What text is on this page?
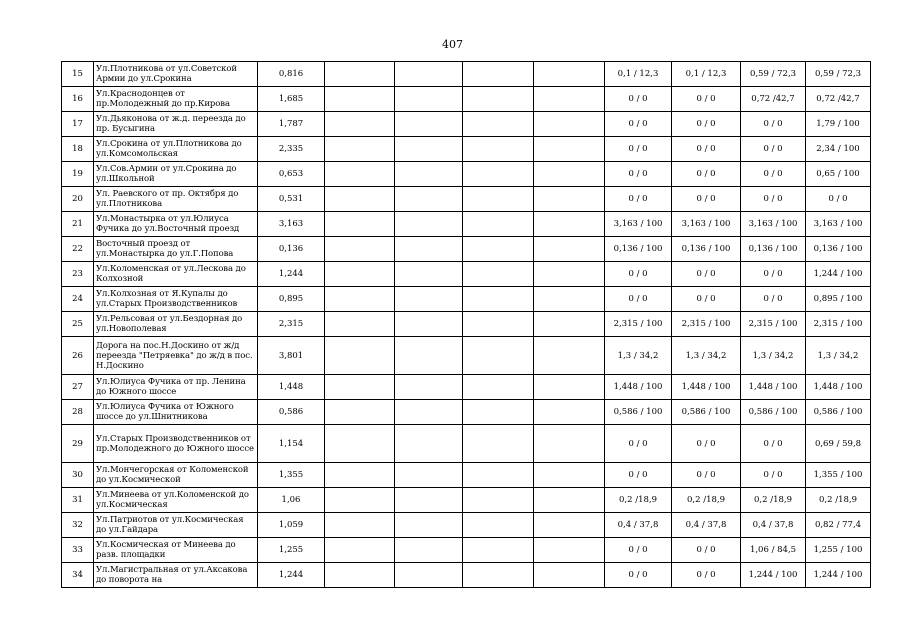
407
15	Ул.Плотникова от ул.Советской Армии до ул.Срокина	0,816					0,1 / 12,3	0,1 / 12,3	0,59 / 72,3	0,59 / 72,3
16	Ул.Краснодонцев от пр.Молодежный до пр.Кирова	1,685					0 / 0	0 / 0	0,72 /42,7	0,72 /42,7
17	Ул.Дьяконова от ж.д. переезда до пр. Бусыгина	1,787					0 / 0	0 / 0	0 / 0	1,79 / 100
18	Ул.Срокина от ул.Плотникова до ул.Комсомольская	2,335					0 / 0	0 / 0	0 / 0	2,34 / 100
19	Ул.Сов.Армии от ул.Срокина до ул.Школьной	0,653					0 / 0	0 / 0	0 / 0	0,65 / 100
20	Ул. Раевского от пр. Октября до ул.Плотникова	0,531					0 / 0	0 / 0	0 / 0	0 / 0
21	Ул.Монастырка от ул.Юлиуса Фучика до ул.Восточный проезд	3,163					3,163 / 100	3,163 / 100	3,163 / 100	3,163 / 100
22	Восточный проезд от ул.Монастырка до ул.Г.Попова	0,136					0,136 / 100	0,136 / 100	0,136 / 100	0,136 / 100
23	Ул.Коломенская от ул.Лескова до Колхозной	1,244					0 / 0	0 / 0	0 / 0	1,244 / 100
24	Ул.Колхозная от Я.Купалы до ул.Старых Производственников	0,895					0 / 0	0 / 0	0 / 0	0,895 / 100
25	Ул.Рельсовая от ул.Бездорная до ул.Новополевая	2,315					2,315 / 100	2,315 / 100	2,315 / 100	2,315 / 100
26	Дорога на пос.Н.Доскино от ж/д переезда "Петряевка" до ж/д в пос. Н.Доскино	3,801					1,3 / 34,2	1,3 / 34,2	1,3 / 34,2	1,3 / 34,2
27	Ул.Юлиуса Фучика от пр. Ленина до Южного шоссе	1,448					1,448 / 100	1,448 / 100	1,448 / 100	1,448 / 100
28	Ул.Юлиуса Фучика от Южного шоссе до ул.Шнитникова	0,586					0,586 / 100	0,586 / 100	0,586 / 100	0,586 / 100
29	Ул.Старых Производственников от пр.Молодежного до Южного шоссе	1,154					0 / 0	0 / 0	0 / 0	0,69 / 59,8
30	Ул.Мончегорская от Коломенской до ул.Космической	1,355					0 / 0	0 / 0	0 / 0	1,355 / 100
31	Ул.Минеева от ул.Коломенской до ул.Космическая	1,06					0,2 /18,9	0,2 /18,9	0,2 /18,9	0,2 /18,9
32	Ул.Патриотов от ул.Космическая до ул.Гайдара	1,059					0,4 / 37,8	0,4 / 37,8	0,4 / 37,8	0,82 / 77,4
33	Ул.Космическая от Минеева до разв. площадки	1,255					0 / 0	0 / 0	1,06 / 84,5	1,255 / 100
34	Ул.Магистральная от ул.Аксакова до поворота на	1,244					0 / 0	0 / 0	1,244 / 100	1,244 / 100
